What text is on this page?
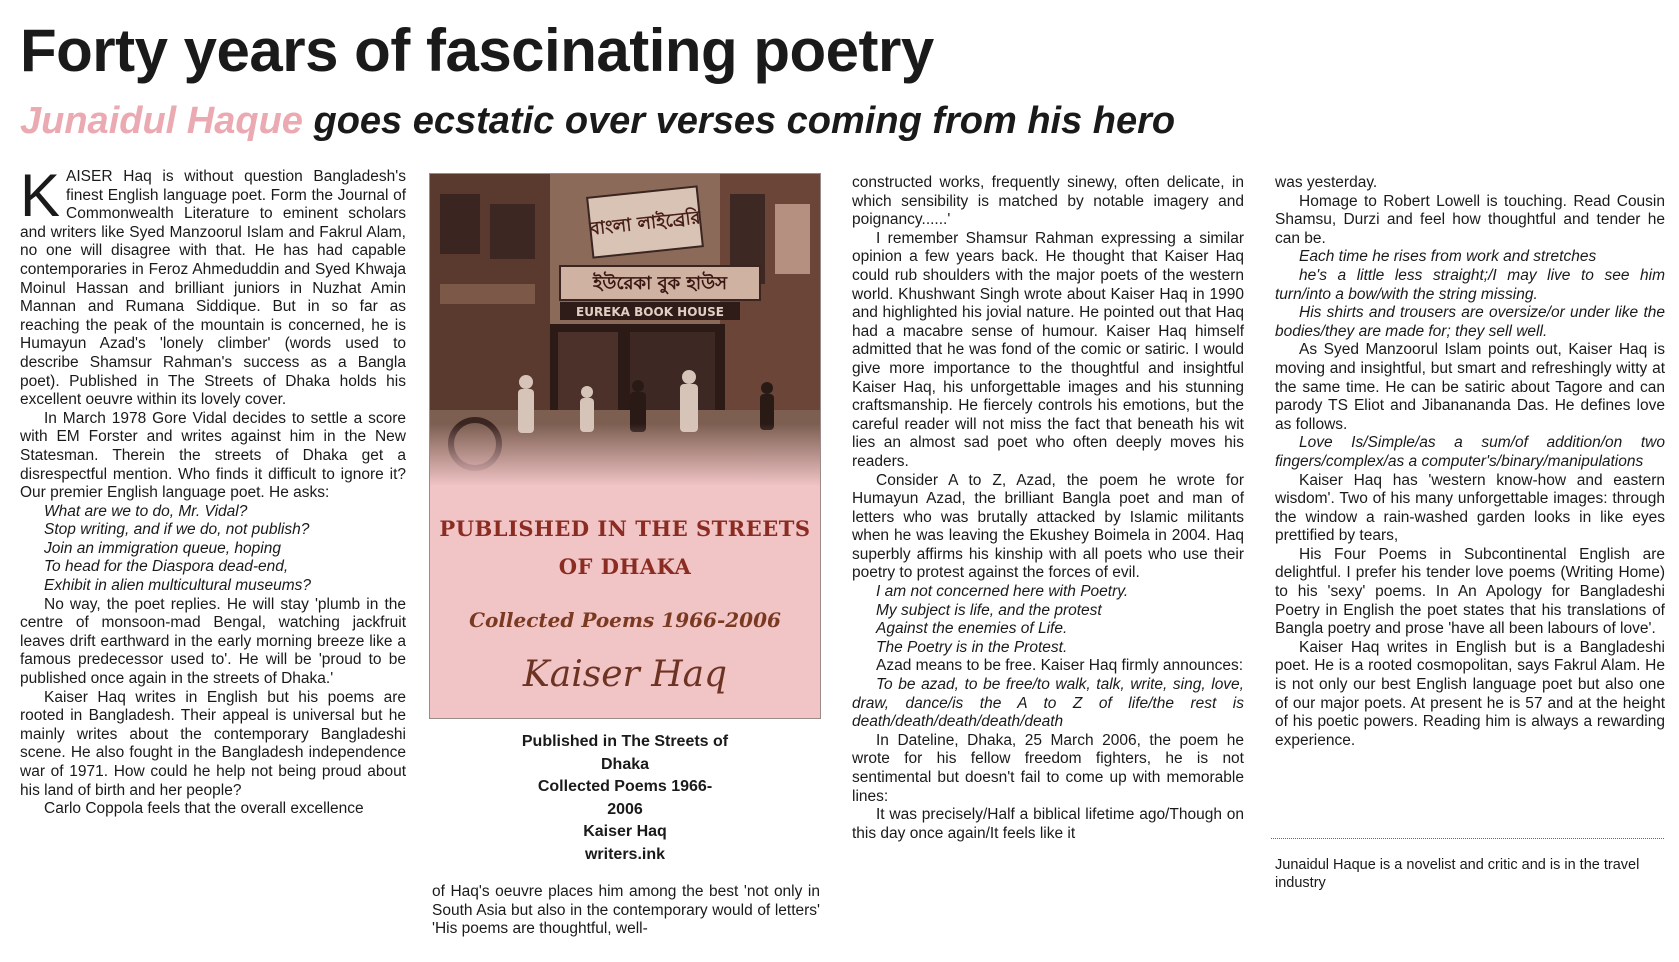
Forty years of fascinating poetry
Junaidul Haque goes ecstatic over verses coming from his hero

KAISER Haq is without question Bangladesh's finest English language poet. Form the Journal of Commonwealth Literature to eminent scholars and writers like Syed Manzoorul Islam and Fakrul Alam, no one will disagree with that. He has had capable contemporaries in Feroz Ahmeduddin and Syed Khwaja Moinul Hassan and brilliant juniors in Nuzhat Amin Mannan and Rumana Siddique. But in so far as reaching the peak of the mountain is concerned, he is Humayun Azad's 'lonely climber' (words used to describe Shamsur Rahman's success as a Bangla poet). Published in The Streets of Dhaka holds his excellent oeuvre within its lovely cover.

In March 1978 Gore Vidal decides to settle a score with EM Forster and writes against him in the New Statesman. Therein the streets of Dhaka get a disrespectful mention. Who finds it difficult to ignore it? Our premier English language poet. He asks:

What are we to do, Mr. Vidal?

Stop writing, and if we do, not publish?

Join an immigration queue, hoping

To head for the Diaspora dead-end,

Exhibit in alien multicultural museums?

No way, the poet replies. He will stay 'plumb in the centre of monsoon-mad Bengal, watching jackfruit leaves drift earthward in the early morning breeze like a famous predecessor used to'. He will be 'proud to be published once again in the streets of Dhaka.'

Kaiser Haq writes in English but his poems are rooted in Bangladesh. Their appeal is universal but he mainly writes about the contemporary Bangladeshi scene. He also fought in the Bangladesh independence war of 1971. How could he help not being proud about his land of birth and her people?

Carlo Coppola feels that the overall excellence

বাংলা লাইব্রেরি
ইউরেকা বুক হাউস
EUREKA BOOK HOUSE
PUBLISHED IN THE STREETS
OF DHAKA
Collected Poems 1966-2006
Kaiser Haq
Published in The Streets of
Dhaka
Collected Poems 1966-
2006
Kaiser Haq
writers.ink

of Haq's oeuvre places him among the best 'not only in South Asia but also in the contemporary would of letters' 'His poems are thoughtful, well-

constructed works, frequently sinewy, often delicate, in which sensibility is matched by notable imagery and poignancy......'

I remember Shamsur Rahman expressing a similar opinion a few years back. He thought that Kaiser Haq could rub shoulders with the major poets of the western world. Khushwant Singh wrote about Kaiser Haq in 1990 and highlighted his jovial nature. He pointed out that Haq had a macabre sense of humour. Kaiser Haq himself admitted that he was fond of the comic or satiric. I would give more importance to the thoughtful and insightful Kaiser Haq, his unforgettable images and his stunning craftsmanship. He fiercely controls his emotions, but the careful reader will not miss the fact that beneath his wit lies an almost sad poet who often deeply moves his readers.

Consider A to Z, Azad, the poem he wrote for Humayun Azad, the brilliant Bangla poet and man of letters who was brutally attacked by Islamic militants when he was leaving the Ekushey Boimela in 2004. Haq superbly affirms his kinship with all poets who use their poetry to protest against the forces of evil.

I am not concerned here with Poetry.

My subject is life, and the protest

Against the enemies of Life.

The Poetry is in the Protest.

Azad means to be free. Kaiser Haq firmly announces:

To be azad, to be free/to walk, talk, write, sing, love, draw, dance/is the A to Z of life/the rest is death/death/death/death/death

In Dateline, Dhaka, 25 March 2006, the poem he wrote for his fellow freedom fighters, he is not sentimental but doesn't fail to come up with memorable lines:

It was precisely/Half a biblical lifetime ago/Though on this day once again/It feels like it

was yesterday.

Homage to Robert Lowell is touching. Read Cousin Shamsu, Durzi and feel how thoughtful and tender he can be.

Each time he rises from work and stretches

he's a little less straight;/I may live to see him turn/into a bow/with the string missing.

His shirts and trousers are oversize/or under like the bodies/they are made for; they sell well.

As Syed Manzoorul Islam points out, Kaiser Haq is moving and insightful, but smart and refreshingly witty at the same time. He can be satiric about Tagore and can parody TS Eliot and Jibanananda Das. He defines love as follows.

Love Is/Simple/as a sum/of addition/on two fingers/complex/as a computer's/binary/manipulations

Kaiser Haq has 'western know-how and eastern wisdom'. Two of his many unforgettable images: through the window a rain-washed garden looks in like eyes prettified by tears,

His Four Poems in Subcontinental English are delightful. I prefer his tender love poems (Writing Home) to his 'sexy' poems. In An Apology for Bangladeshi Poetry in English the poet states that his translations of Bangla poetry and prose 'have all been labours of love'.

Kaiser Haq writes in English but is a Bangladeshi poet. He is a rooted cosmopolitan, says Fakrul Alam. He is not only our best English language poet but also one of our major poets. At present he is 57 and at the height of his poetic powers. Reading him is always a rewarding experience.

Junaidul Haque is a novelist and critic and is in the travel industry
